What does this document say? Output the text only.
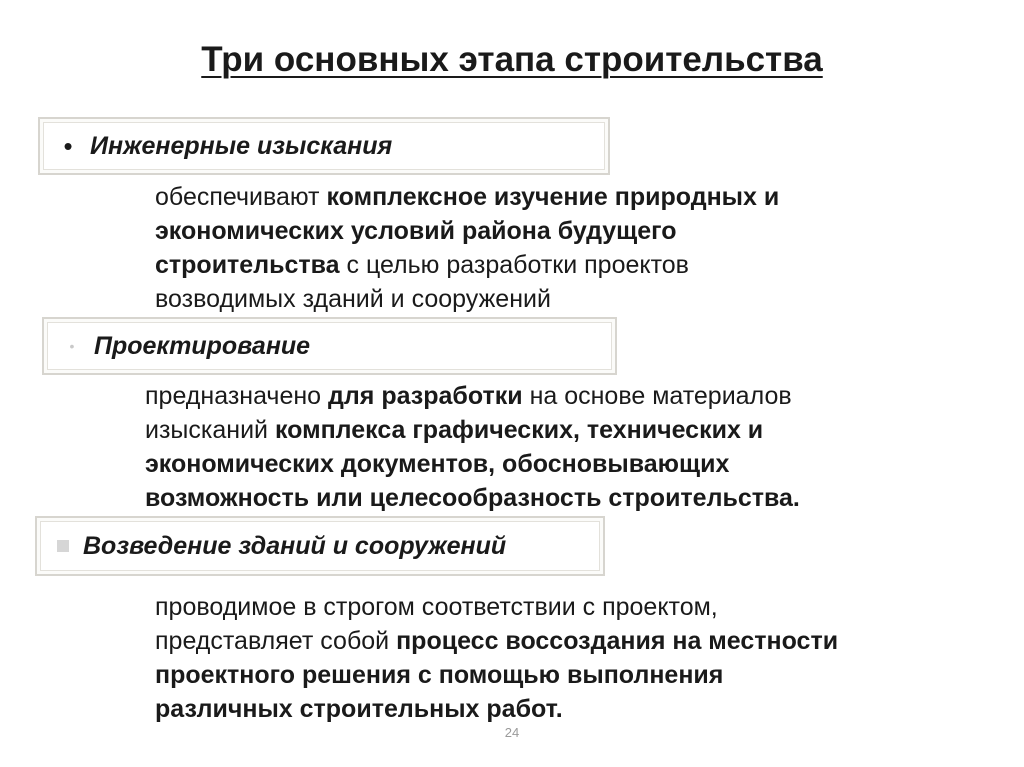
Три основных этапа строительства
• Инженерные изыскания
обеспечивают комплексное изучение природных и
экономических условий района будущего
строительства с целью разработки проектов
возводимых зданий и сооружений
• Проектирование
предназначено для разработки на основе материалов
изысканий комплекса графических, технических и
экономических документов, обосновывающих
возможность или целесообразность строительства.
Возведение зданий и сооружений
проводимое в строгом соответствии с проектом,
представляет собой процесс воссоздания на местности
проектного решения с помощью выполнения
различных строительных работ.
24
